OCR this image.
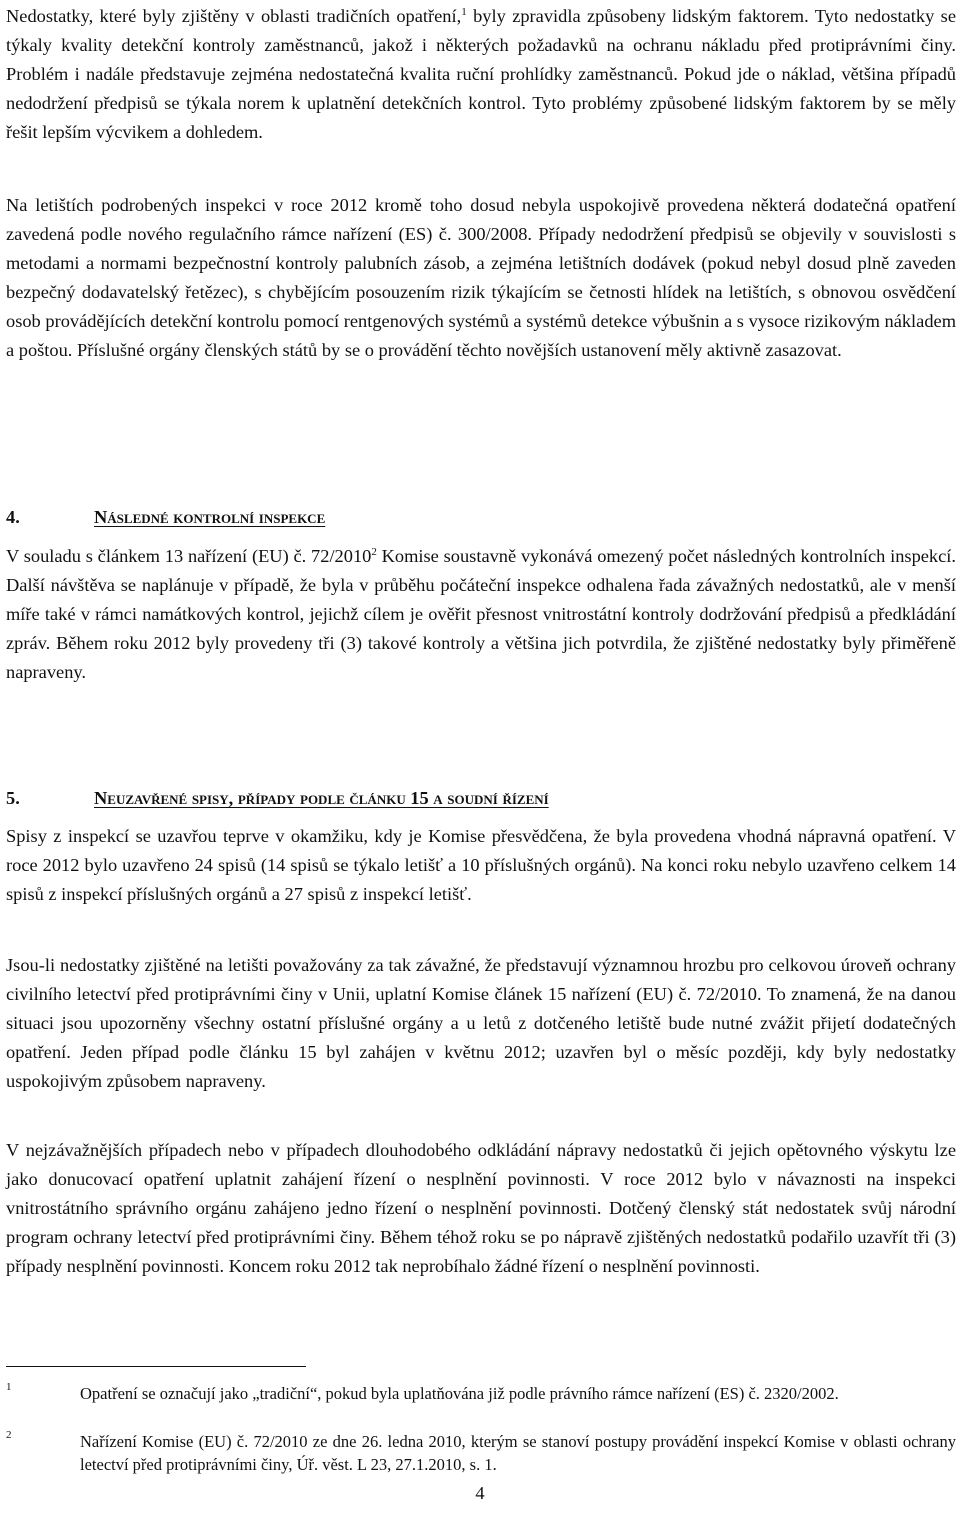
Nedostatky, které byly zjištěny v oblasti tradičních opatření,$^1$ byly zpravidla způsobeny lidským faktorem. Tyto nedostatky se týkaly kvality detekční kontroly zaměstnanců, jakož i některých požadavků na ochranu nákladu před protiprávními činy. Problém i nadále představuje zejména nedostatečná kvalita ruční prohlídky zaměstnanců. Pokud jde o náklad, většina případů nedodržení předpisů se týkala norem k uplatnění detekčních kontrol. Tyto problémy způsobené lidským faktorem by se měly řešit lepším výcvikem a dohledem.

Na letištích podrobených inspekci v roce 2012 kromě toho dosud nebyla uspokojivě provedena některá dodatečná opatření zavedená podle nového regulačního rámce nařízení (ES) č. 300/2008. Případy nedodržení předpisů se objevily v souvislosti s metodami a normami bezpečnostní kontroly palubních zásob, a zejména letištních dodávek (pokud nebyl dosud plně zaveden bezpečný dodavatelský řetězec), s chybějícím posouzením rizik týkajícím se četnosti hlídek na letištích, s obnovou osvědčení osob provádějících detekční kontrolu pomocí rentgenových systémů a systémů detekce výbušnin a s vysoce rizikovým nákladem a poštou. Příslušné orgány členských států by se o provádění těchto novějších ustanovení měly aktivně zasazovat.

4.	Následné kontrolní inspekce

V souladu s článkem 13 nařízení (EU) č. 72/2010$^2$ Komise soustavně vykonává omezený počet následných kontrolních inspekcí. Další návštěva se naplánuje v případě, že byla v průběhu počáteční inspekce odhalena řada závažných nedostatků, ale v menší míře také v rámci namátkových kontrol, jejichž cílem je ověřit přesnost vnitrostátní kontroly dodržování předpisů a předkládání zpráv. Během roku 2012 byly provedeny tři (3) takové kontroly a většina jich potvrdila, že zjištěné nedostatky byly přiměřeně napraveny.

5.	Neuzavřené spisy, případy podle článku 15 a soudní řízení

Spisy z inspekcí se uzavřou teprve v okamžiku, kdy je Komise přesvědčena, že byla provedena vhodná nápravná opatření. V roce 2012 bylo uzavřeno 24 spisů (14 spisů se týkalo letišť a 10 příslušných orgánů). Na konci roku nebylo uzavřeno celkem 14 spisů z inspekcí příslušných orgánů a 27 spisů z inspekcí letišť.

Jsou-li nedostatky zjištěné na letišti považovány za tak závažné, že představují významnou hrozbu pro celkovou úroveň ochrany civilního letectví před protiprávními činy v Unii, uplatní Komise článek 15 nařízení (EU) č. 72/2010. To znamená, že na danou situaci jsou upozorněny všechny ostatní příslušné orgány a u letů z dotčeného letiště bude nutné zvážit přijetí dodatečných opatření. Jeden případ podle článku 15 byl zahájen v květnu 2012; uzavřen byl o měsíc později, kdy byly nedostatky uspokojivým způsobem napraveny.

V nejzávažnějších případech nebo v případech dlouhodobého odkládání nápravy nedostatků či jejich opětovného výskytu lze jako donucovací opatření uplatnit zahájení řízení o nesplnění povinnosti. V roce 2012 bylo v návaznosti na inspekci vnitrostátního správního orgánu zahájeno jedno řízení o nesplnění povinnosti. Dotčený členský stát nedostatek svůj národní program ochrany letectví před protiprávními činy. Během téhož roku se po nápravě zjištěných nedostatků podařilo uzavřít tři (3) případy nesplnění povinnosti. Koncem roku 2012 tak neprobíhalo žádné řízení o nesplnění povinnosti.

1	Opatření se označují jako „tradiční“, pokud byla uplatňována již podle právního rámce nařízení (ES) č. 2320/2002.
2	Nařízení Komise (EU) č. 72/2010 ze dne 26. ledna 2010, kterým se stanoví postupy provádění inspekcí Komise v oblasti ochrany letectví před protiprávními činy, Úř. věst. L 23, 27.1.2010, s. 1.
4
